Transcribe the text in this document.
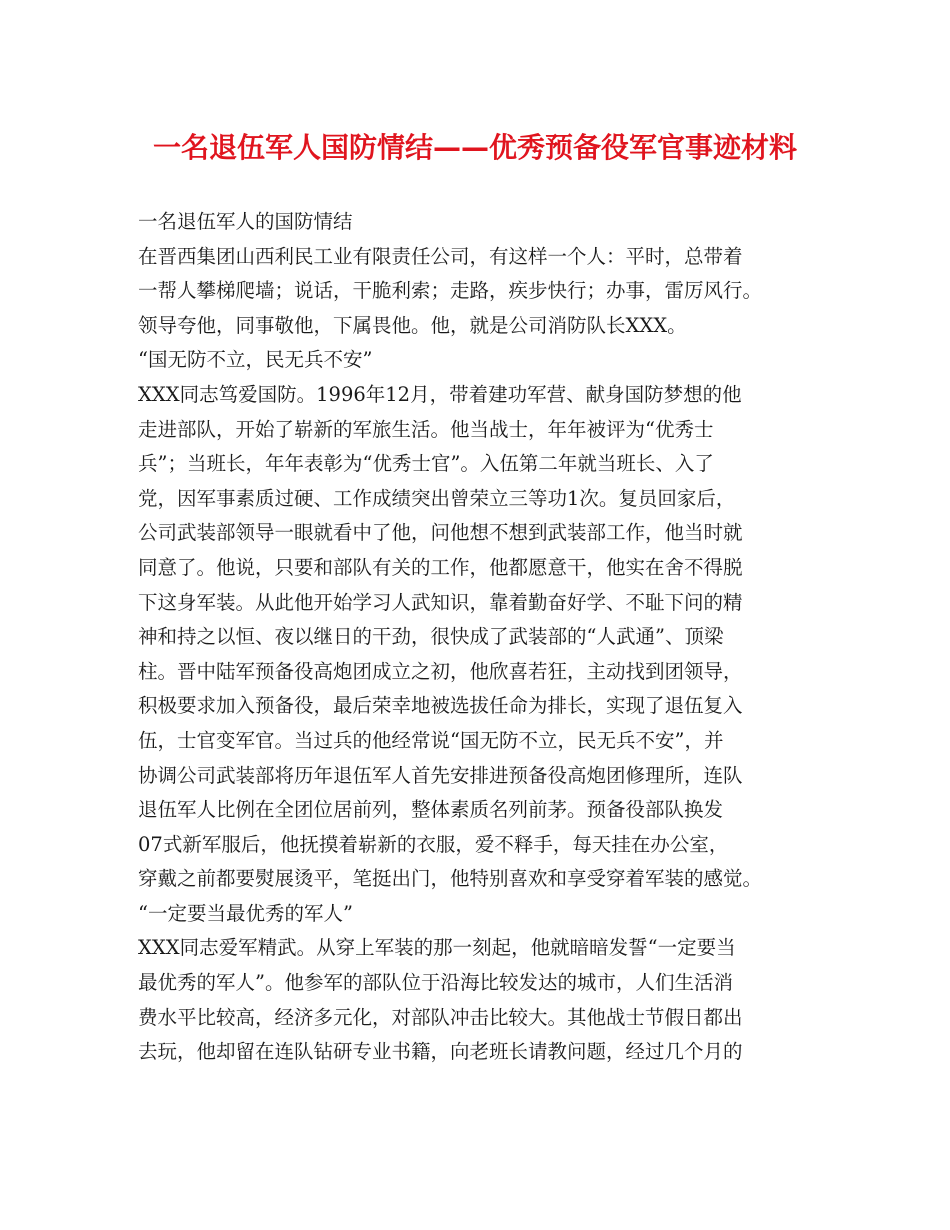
一名退伍军人国防情结——优秀预备役军官事迹材料

一名退伍军人的国防情结

在晋西集团山西利民工业有限责任公司，有这样一个人：平时，总带着

一帮人攀梯爬墙；说话，干脆利索；走路，疾步快行；办事，雷厉风行。

领导夸他，同事敬他，下属畏他。他，就是公司消防队长XXX。

“国无防不立，民无兵不安”

XXX同志笃爱国防。1996年12月，带着建功军营、献身国防梦想的他

走进部队，开始了崭新的军旅生活。他当战士，年年被评为“优秀士

兵”；当班长，年年表彰为“优秀士官”。入伍第二年就当班长、入了

党，因军事素质过硬、工作成绩突出曾荣立三等功1次。复员回家后，

公司武装部领导一眼就看中了他，问他想不想到武装部工作，他当时就

同意了。他说，只要和部队有关的工作，他都愿意干，他实在舍不得脱

下这身军装。从此他开始学习人武知识，靠着勤奋好学、不耻下问的精

神和持之以恒、夜以继日的干劲，很快成了武装部的“人武通”、顶梁

柱。晋中陆军预备役高炮团成立之初，他欣喜若狂，主动找到团领导，

积极要求加入预备役，最后荣幸地被选拔任命为排长，实现了退伍复入

伍，士官变军官。当过兵的他经常说“国无防不立，民无兵不安”，并

协调公司武装部将历年退伍军人首先安排进预备役高炮团修理所，连队

退伍军人比例在全团位居前列，整体素质名列前茅。预备役部队换发

07式新军服后，他抚摸着崭新的衣服，爱不释手，每天挂在办公室，

穿戴之前都要熨展烫平，笔挺出门，他特别喜欢和享受穿着军装的感觉。

“一定要当最优秀的军人”

XXX同志爱军精武。从穿上军装的那一刻起，他就暗暗发誓“一定要当

最优秀的军人”。他参军的部队位于沿海比较发达的城市，人们生活消

费水平比较高，经济多元化，对部队冲击比较大。其他战士节假日都出

去玩，他却留在连队钻研专业书籍，向老班长请教问题，经过几个月的
